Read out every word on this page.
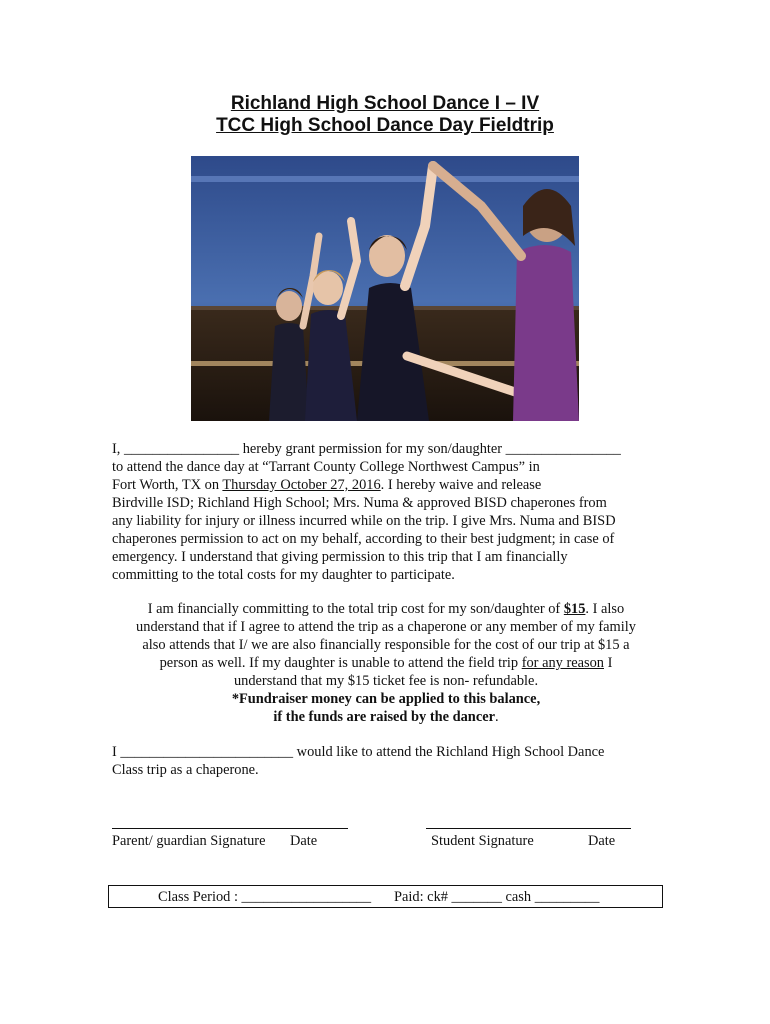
Richland High School Dance I – IV
TCC High School Dance Day Fieldtrip
I, ________________ hereby grant permission for my son/daughter ________________
to attend the dance day at “Tarrant County College Northwest Campus” in
Fort Worth, TX on Thursday October 27, 2016. I hereby waive and release
Birdville ISD; Richland High School; Mrs. Numa & approved BISD chaperones from
any liability for injury or illness incurred while on the trip. I give Mrs. Numa and BISD
chaperones permission to act on my behalf, according to their best judgment; in case of
emergency. I understand that giving permission to this trip that I am financially
committing to the total costs for my daughter to participate.
I am financially committing to the total trip cost for my son/daughter of $15. I also
understand that if I agree to attend the trip as a chaperone or any member of my family
also attends that I/ we are also financially responsible for the cost of our trip at $15 a
person as well. If my daughter is unable to attend the field trip for any reason I
understand that my $15 ticket fee is non- refundable.
*Fundraiser money can be applied to this balance,
if the funds are raised by the dancer.
I ________________________ would like to attend the Richland High School Dance
Class trip as a chaperone.
Parent/ guardian Signature Date	Student Signature	Date
Class Period : __________________ Paid: ck# _______ cash _________
